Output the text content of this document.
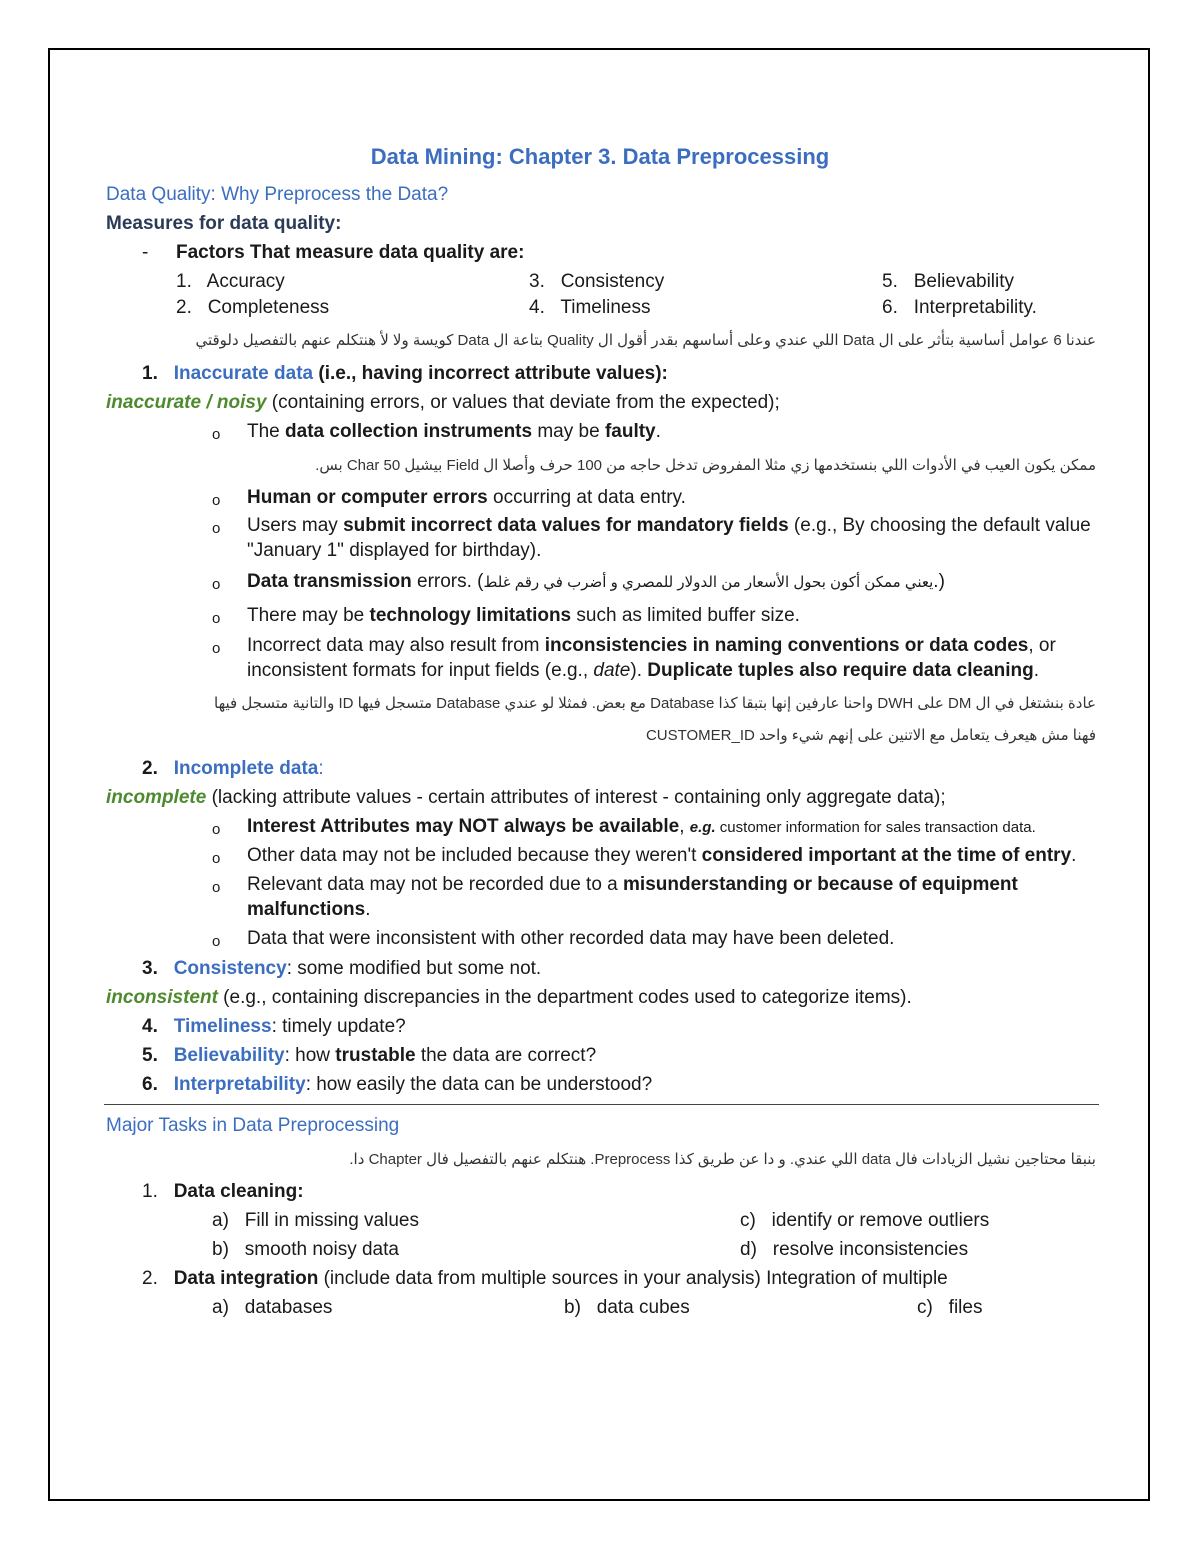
Data Mining: Chapter 3. Data Preprocessing
Data Quality: Why Preprocess the Data?
Measures for data quality:
- Factors That measure data quality are:
1. Accuracy
2. Completeness
3. Consistency
4. Timeliness
5. Believability
6. Interpretability.
عندنا 6 عوامل أساسية بتأثر على ال Data اللي عندي وعلى أساسهم بقدر أقول ال Quality بتاعة ال Data كويسة ولا لأ هنتكلم عنهم بالتفصيل دلوقتي
1. Inaccurate data (i.e., having incorrect attribute values):
inaccurate / noisy (containing errors, or values that deviate from the expected);
o The data collection instruments may be faulty.
ممكن يكون العيب في الأدوات اللي بنستخدمها زي مثلا المفروض تدخل حاجه من 100 حرف وأصلا ال Field بيشيل 50 Char بس.
o Human or computer errors occurring at data entry.
o Users may submit incorrect data values for mandatory fields (e.g., By choosing the default value
"January 1" displayed for birthday).
o Data transmission errors. (يعني ممكن أكون بحول الأسعار من الدولار للمصري و أضرب في رقم غلط.)
o There may be technology limitations such as limited buffer size.
o Incorrect data may also result from inconsistencies in naming conventions or data codes, or
inconsistent formats for input fields (e.g., date). Duplicate tuples also require data cleaning.
عادة بنشتغل في ال DM على DWH واحنا عارفين إنها بتبقا كذا Database مع بعض. فمثلا لو عندي Database متسجل فيها ID والتانية متسجل فيها
CUSTOMER_ID فهنا مش هيعرف يتعامل مع الاتنين على إنهم شيء واحد
2. Incomplete data:
incomplete (lacking attribute values - certain attributes of interest - containing only aggregate data);
o Interest Attributes may NOT always be available, e.g. customer information for sales transaction data.
o Other data may not be included because they weren't considered important at the time of entry.
o Relevant data may not be recorded due to a misunderstanding or because of equipment
malfunctions.
o Data that were inconsistent with other recorded data may have been deleted.
3. Consistency: some modified but some not.
inconsistent (e.g., containing discrepancies in the department codes used to categorize items).
4. Timeliness: timely update?
5. Believability: how trustable the data are correct?
6. Interpretability: how easily the data can be understood?
Major Tasks in Data Preprocessing
بنبقا محتاجين نشيل الزيادات فال data اللي عندي. و دا عن طريق كذا Preprocess. هنتكلم عنهم بالتفصيل فال Chapter دا.
1. Data cleaning:
a) Fill in missing values
b) smooth noisy data
c) identify or remove outliers
d) resolve inconsistencies
2. Data integration (include data from multiple sources in your analysis) Integration of multiple
a) databases	b) data cubes	c) files
